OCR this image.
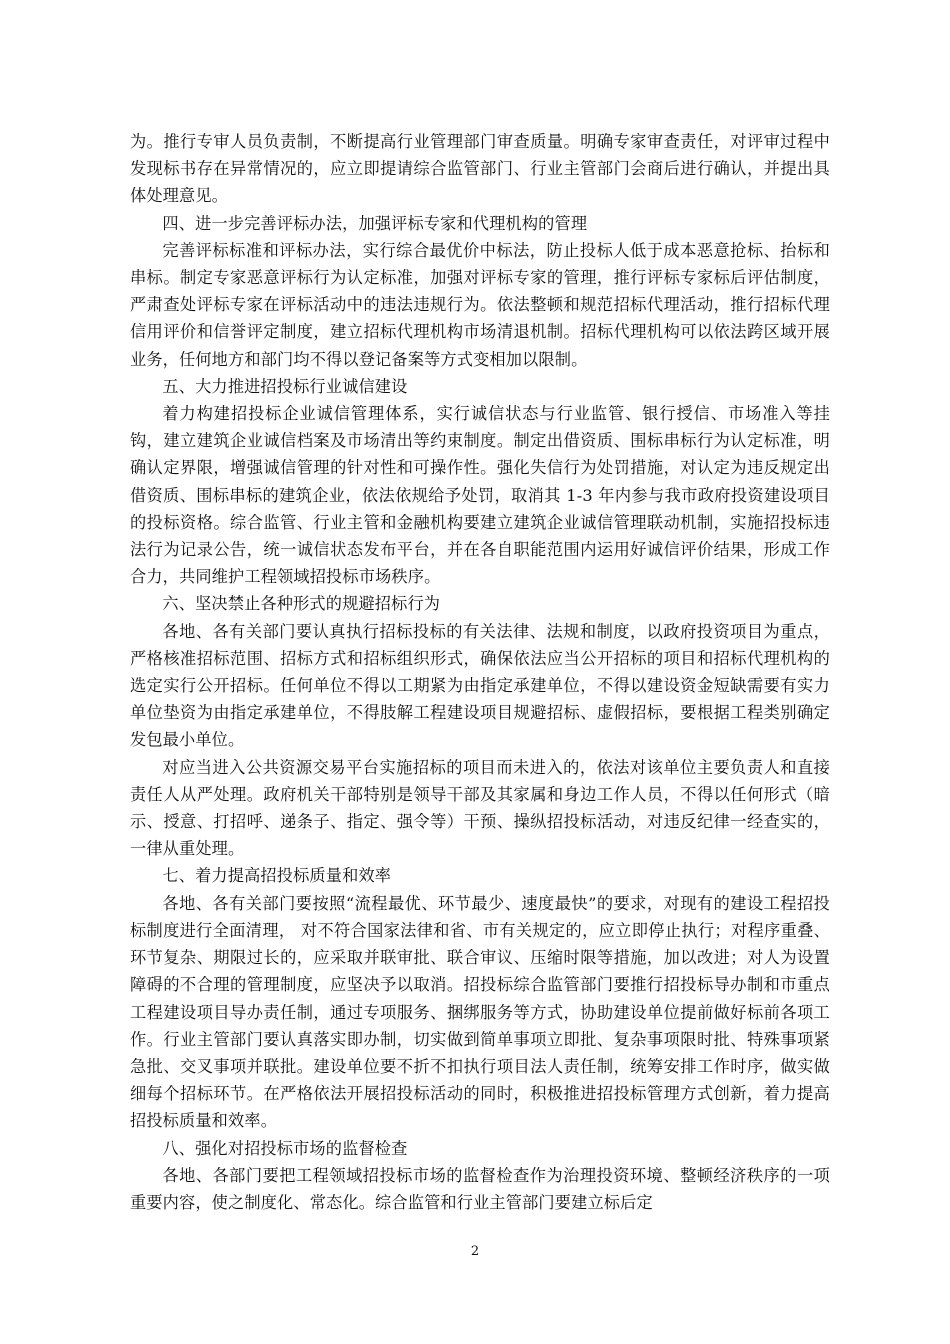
为。推行专审人员负责制，不断提高行业管理部门审查质量。明确专家审查责任，对评审过程中发现标书存在异常情况的，应立即提请综合监管部门、行业主管部门会商后进行确认，并提出具体处理意见。

四、进一步完善评标办法，加强评标专家和代理机构的管理

完善评标标准和评标办法，实行综合最优价中标法，防止投标人低于成本恶意抢标、抬标和串标。制定专家恶意评标行为认定标准，加强对评标专家的管理，推行评标专家标后评估制度，严肃查处评标专家在评标活动中的违法违规行为。依法整顿和规范招标代理活动，推行招标代理信用评价和信誉评定制度，建立招标代理机构市场清退机制。招标代理机构可以依法跨区域开展业务，任何地方和部门均不得以登记备案等方式变相加以限制。

五、大力推进招投标行业诚信建设

着力构建招投标企业诚信管理体系，实行诚信状态与行业监管、银行授信、市场准入等挂钩，建立建筑企业诚信档案及市场清出等约束制度。制定出借资质、围标串标行为认定标准，明确认定界限，增强诚信管理的针对性和可操作性。强化失信行为处罚措施，对认定为违反规定出借资质、围标串标的建筑企业，依法依规给予处罚，取消其 1-3 年内参与我市政府投资建设项目的投标资格。综合监管、行业主管和金融机构要建立建筑企业诚信管理联动机制，实施招投标违法行为记录公告，统一诚信状态发布平台，并在各自职能范围内运用好诚信评价结果，形成工作合力，共同维护工程领域招投标市场秩序。

六、坚决禁止各种形式的规避招标行为

各地、各有关部门要认真执行招标投标的有关法律、法规和制度，以政府投资项目为重点，严格核准招标范围、招标方式和招标组织形式，确保依法应当公开招标的项目和招标代理机构的选定实行公开招标。任何单位不得以工期紧为由指定承建单位，不得以建设资金短缺需要有实力单位垫资为由指定承建单位，不得肢解工程建设项目规避招标、虚假招标，要根据工程类别确定发包最小单位。

对应当进入公共资源交易平台实施招标的项目而未进入的，依法对该单位主要负责人和直接责任人从严处理。政府机关干部特别是领导干部及其家属和身边工作人员，不得以任何形式（暗示、授意、打招呼、递条子、指定、强令等）干预、操纵招投标活动，对违反纪律一经查实的，一律从重处理。

七、着力提高招投标质量和效率

各地、各有关部门要按照“流程最优、环节最少、速度最快”的要求，对现有的建设工程招投标制度进行全面清理， 对不符合国家法律和省、市有关规定的，应立即停止执行；对程序重叠、环节复杂、期限过长的，应采取并联审批、联合审议、压缩时限等措施，加以改进；对人为设置障碍的不合理的管理制度，应坚决予以取消。招投标综合监管部门要推行招投标导办制和市重点工程建设项目导办责任制，通过专项服务、捆绑服务等方式，协助建设单位提前做好标前各项工作。行业主管部门要认真落实即办制，切实做到简单事项立即批、复杂事项限时批、特殊事项紧急批、交叉事项并联批。建设单位要不折不扣执行项目法人责任制，统筹安排工作时序，做实做细每个招标环节。在严格依法开展招投标活动的同时，积极推进招投标管理方式创新，着力提高招投标质量和效率。

八、强化对招投标市场的监督检查

各地、各部门要把工程领域招投标市场的监督检查作为治理投资环境、整顿经济秩序的一项重要内容，使之制度化、常态化。综合监管和行业主管部门要建立标后定

2
